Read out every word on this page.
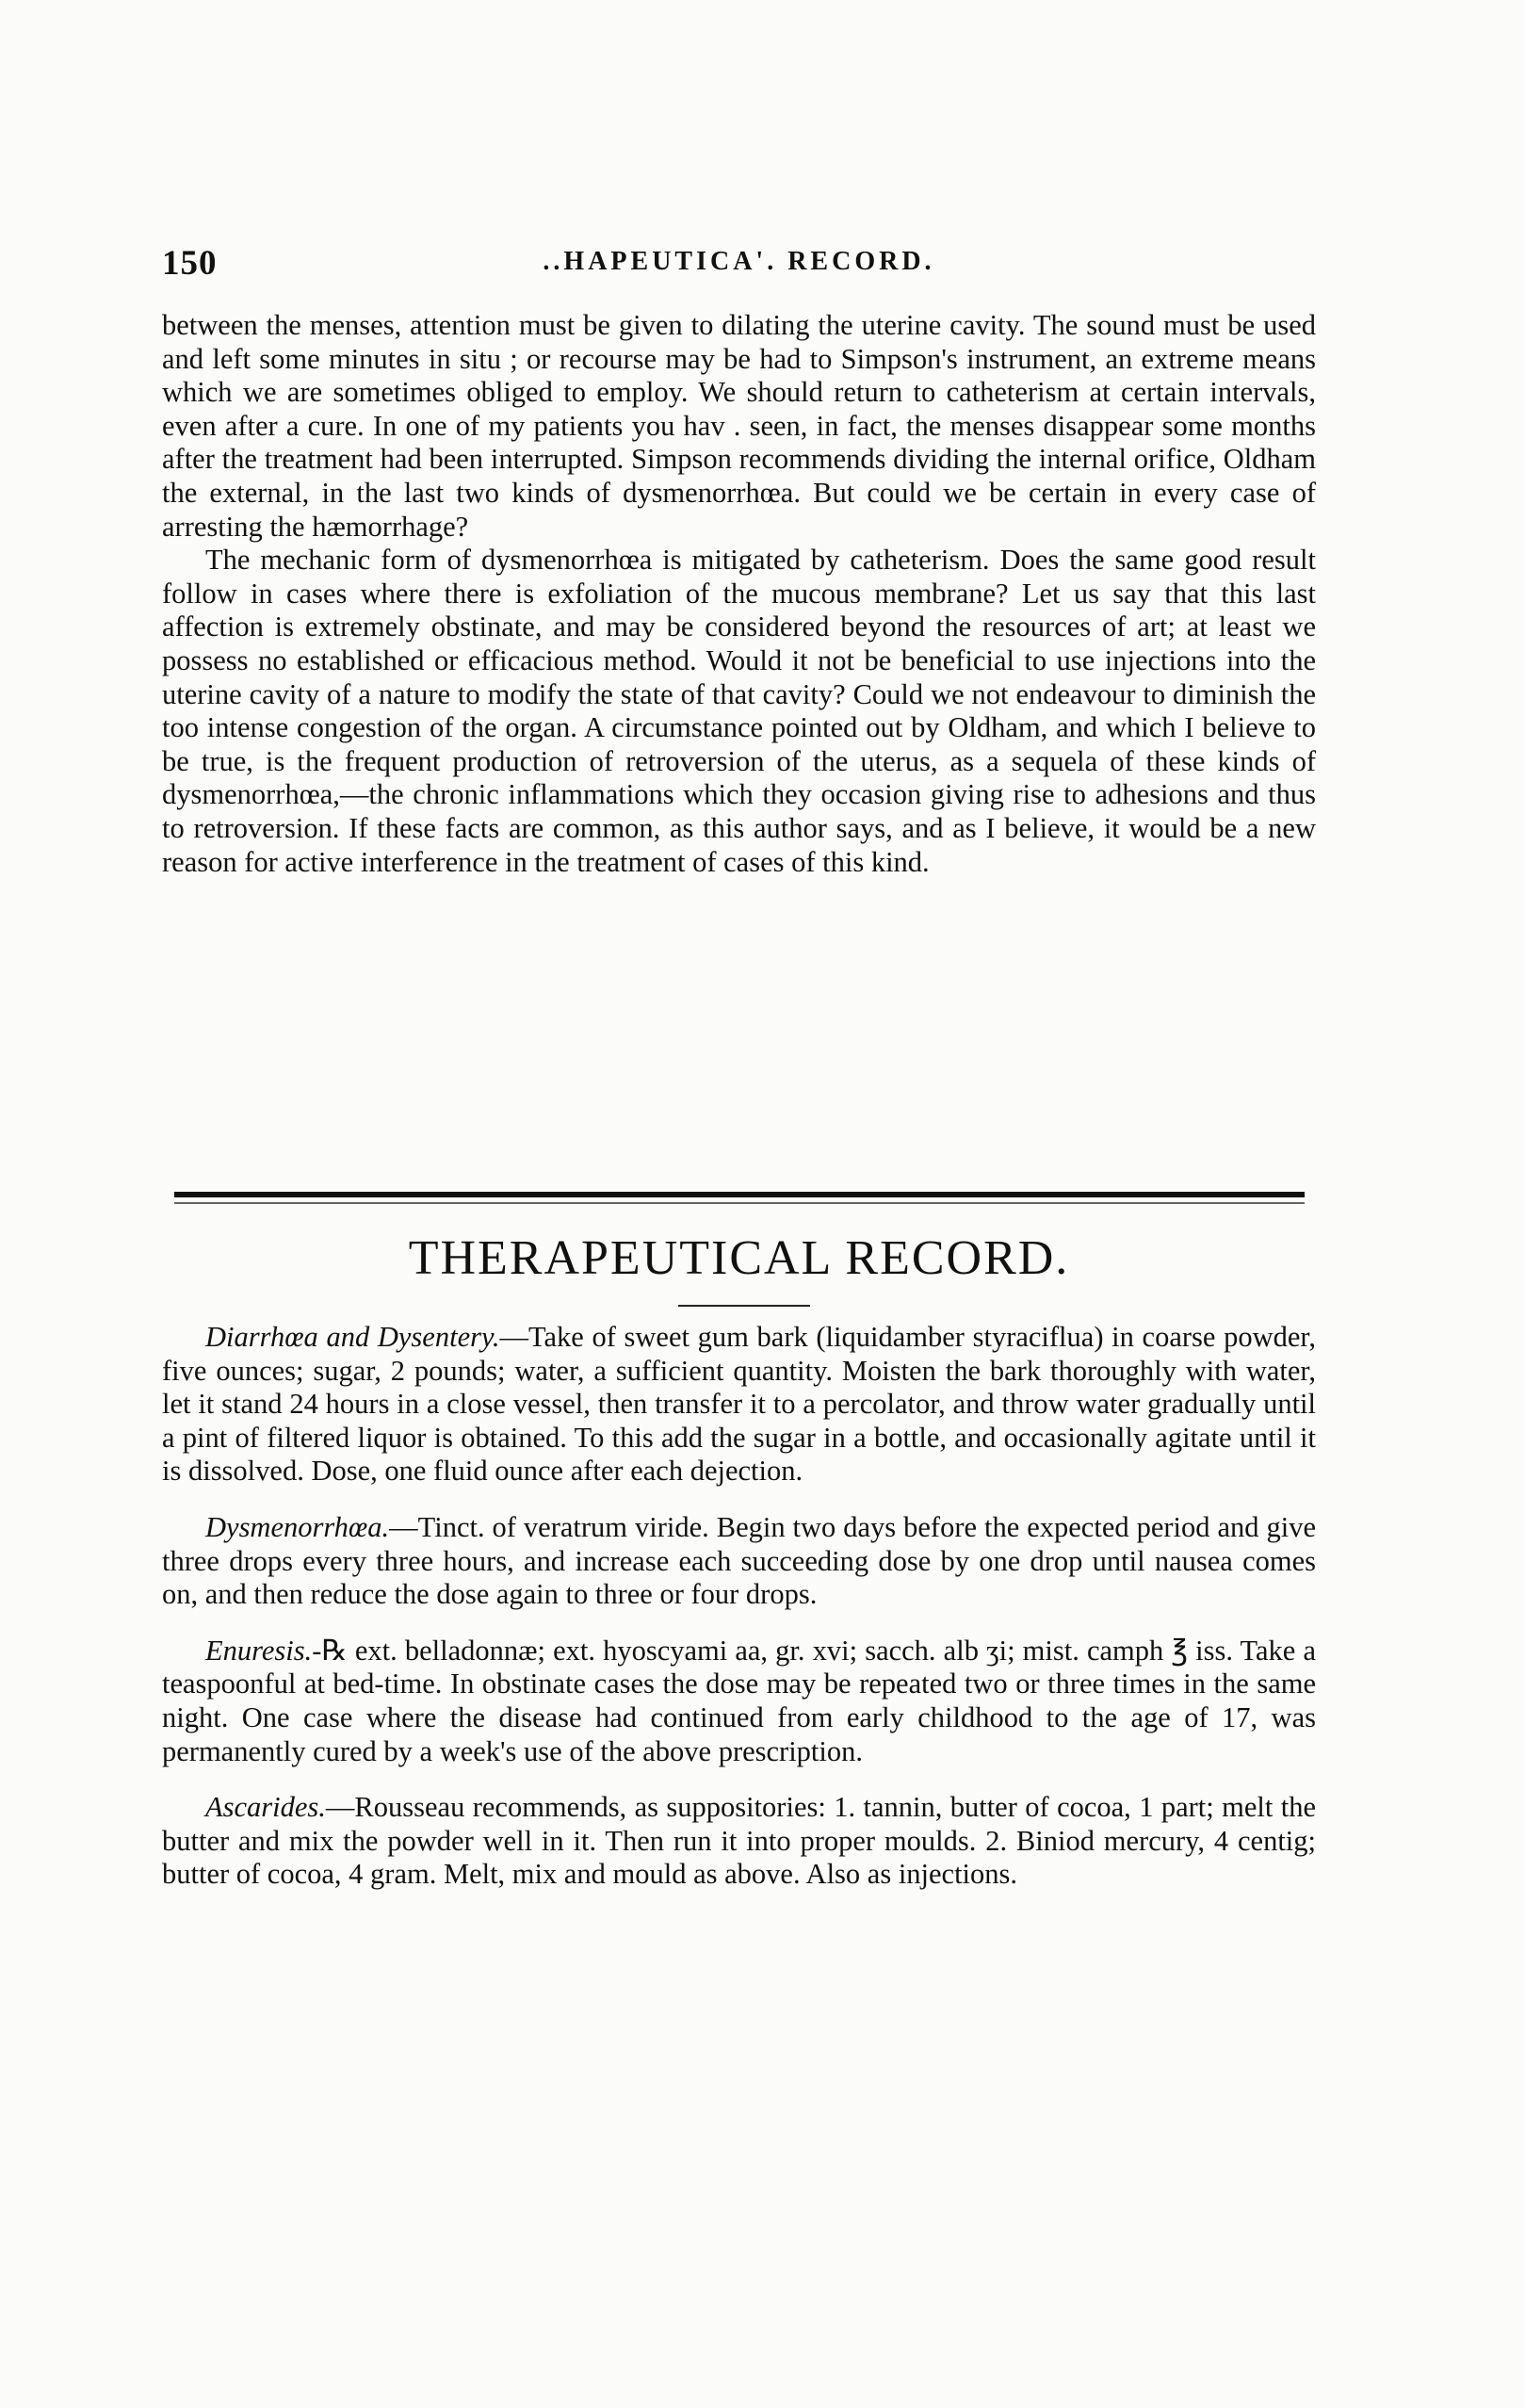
150	..HAPEUTICA'. RECORD.

between the menses, attention must be given to dilating the uterine cavity. The sound must be used and left some minutes in situ ; or recourse may be had to Simpson's instrument, an extreme means which we are sometimes obliged to employ. We should return to catheterism at certain intervals, even after a cure. In one of my patients you hav . seen, in fact, the menses disappear some months after the treatment had been interrupted. Simpson recommends dividing the internal orifice, Oldham the external, in the last two kinds of dysmenorrhœa. But could we be certain in every case of arresting the hæmorrhage?

The mechanic form of dysmenorrhœa is mitigated by catheterism. Does the same good result follow in cases where there is exfoliation of the mucous membrane? Let us say that this last affection is extremely obstinate, and may be considered beyond the resources of art; at least we possess no established or efficacious method. Would it not be beneficial to use injections into the uterine cavity of a nature to modify the state of that cavity? Could we not endeavour to diminish the too intense congestion of the organ. A circumstance pointed out by Oldham, and which I believe to be true, is the frequent production of retroversion of the uterus, as a sequela of these kinds of dysmenorrhœa,—the chronic inflammations which they occasion giving rise to adhesions and thus to retroversion. If these facts are common, as this author says, and as I believe, it would be a new reason for active interference in the treatment of cases of this kind.

THERAPEUTICAL RECORD.

Diarrhœa and Dysentery.—Take of sweet gum bark (liquidamber styraciflua) in coarse powder, five ounces; sugar, 2 pounds; water, a sufficient quantity. Moisten the bark thoroughly with water, let it stand 24 hours in a close vessel, then transfer it to a percolator, and throw water gradually until a pint of filtered liquor is obtained. To this add the sugar in a bottle, and occasionally agitate until it is dissolved. Dose, one fluid ounce after each dejection.

Dysmenorrhœa.—Tinct. of veratrum viride. Begin two days before the expected period and give three drops every three hours, and increase each succeeding dose by one drop until nausea comes on, and then reduce the dose again to three or four drops.

Enuresis.-℞ ext. belladonnæ; ext. hyoscyami aa, gr. xvi; sacch. alb ʒi; mist. camph ℥ iss. Take a teaspoonful at bed-time. In obstinate cases the dose may be repeated two or three times in the same night. One case where the disease had continued from early childhood to the age of 17, was permanently cured by a week's use of the above prescription.

Ascarides.—Rousseau recommends, as suppositories: 1. tannin, butter of cocoa, 1 part; melt the butter and mix the powder well in it. Then run it into proper moulds. 2. Biniod mercury, 4 centig; butter of cocoa, 4 gram. Melt, mix and mould as above. Also as injections.
